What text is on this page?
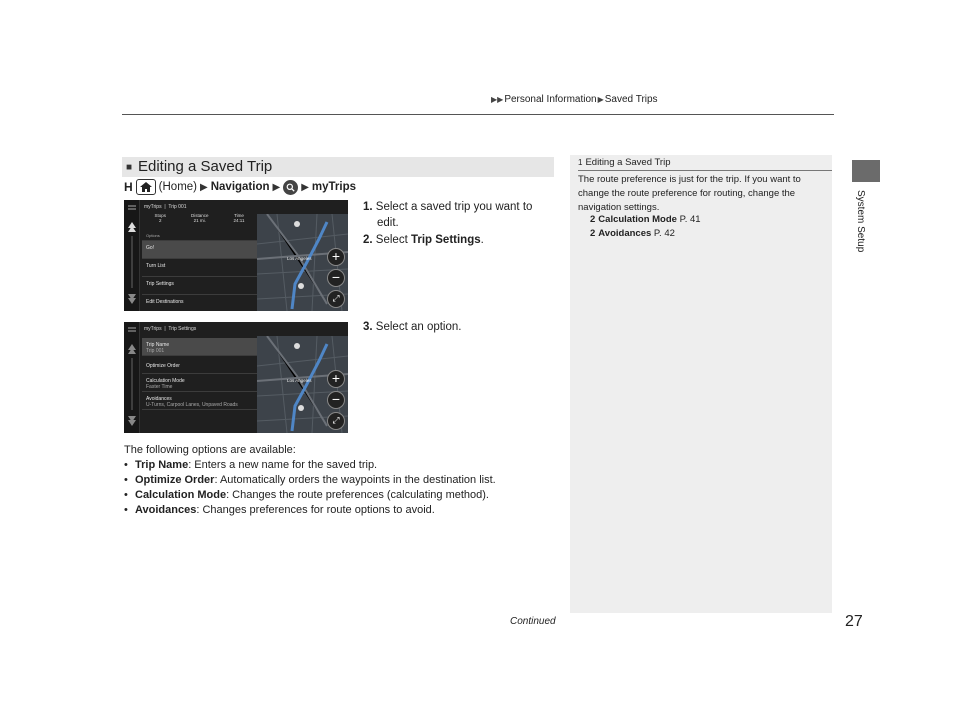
▶▶Personal Information▶Saved Trips
System Setup
■ Editing a Saved Trip
H (Home) ▶ Navigation ▶ ▶ myTrips
myTrips  |  Trip 001
Stops
2
Distance
21 mi.
Time
24:11
Options
Go!
Turn List
Trip Settings
Edit Destinations
Los Angeles	+
−
⤢
myTrips  |  Trip Settings
Trip Name
Trip 001
Optimize Order
Calculation Mode
Faster Time
Avoidances
U-Turns, Carpool Lanes, Unpaved Roads
Los Angeles	+
−
⤢
1. Select a saved trip you want to
edit.
2. Select Trip Settings.
3. Select an option.
The following options are available:
• Trip Name: Enters a new name for the saved trip.
• Optimize Order: Automatically orders the waypoints in the destination list.
• Calculation Mode: Changes the route preferences (calculating method).
• Avoidances: Changes preferences for route options to avoid.
1 Editing a Saved Trip
The route preference is just for the trip. If you want to change the route preference for routing, change the navigation settings.
2 Calculation Mode P. 41
2 Avoidances P. 42
Continued	27
